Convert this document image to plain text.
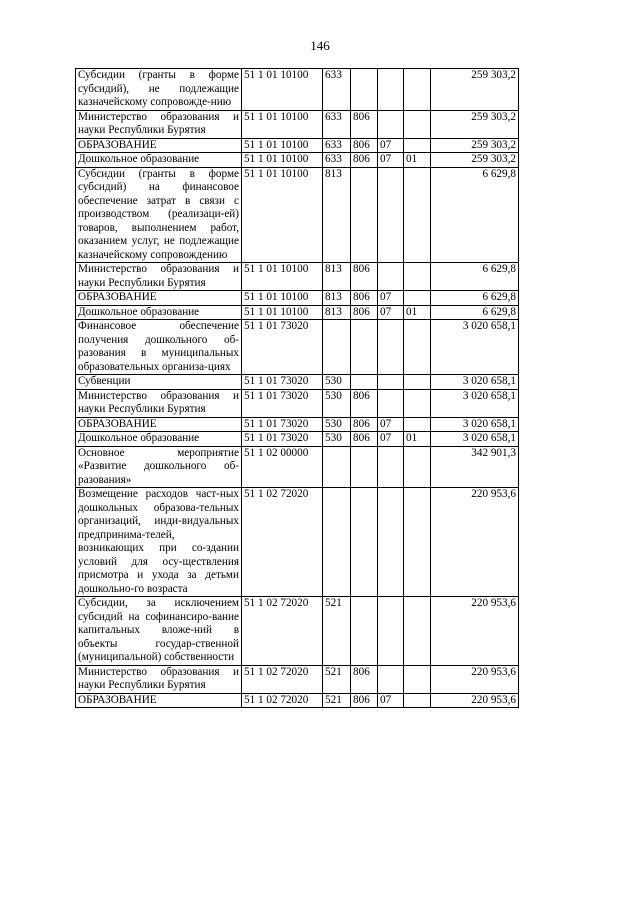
146
Субсидии (гранты в форме субсидий), не подлежащие казначейскому сопровожде-нию	51 1 01 10100	633				259 303,2
Министерство образования и науки Республики Бурятия	51 1 01 10100	633	806			259 303,2
ОБРАЗОВАНИЕ	51 1 01 10100	633	806	07		259 303,2
Дошкольное образование	51 1 01 10100	633	806	07	01	259 303,2
Субсидии (гранты в форме субсидий) на финансовое обеспечение затрат в связи с производством (реализаци-ей) товаров, выполнением работ, оказанием услуг, не подлежащие казначейскому сопровождению	51 1 01 10100	813				6 629,8
Министерство образования и науки Республики Бурятия	51 1 01 10100	813	806			6 629,8
ОБРАЗОВАНИЕ	51 1 01 10100	813	806	07		6 629,8
Дошкольное образование	51 1 01 10100	813	806	07	01	6 629,8
Финансовое обеспечение получения дошкольного об-разования в муниципальных образовательных организа-циях	51 1 01 73020					3 020 658,1
Субвенции	51 1 01 73020	530				3 020 658,1
Министерство образования и науки Республики Бурятия	51 1 01 73020	530	806			3 020 658,1
ОБРАЗОВАНИЕ	51 1 01 73020	530	806	07		3 020 658,1
Дошкольное образование	51 1 01 73020	530	806	07	01	3 020 658,1
Основное мероприятие «Развитие дошкольного об-разования»	51 1 02 00000					342 901,3
Возмещение расходов част-ных дошкольных образова-тельных организаций, инди-видуальных предпринима-телей, возникающих при со-здании условий для осу-ществления присмотра и ухода за детьми дошкольно-го возраста	51 1 02 72020					220 953,6
Субсидии, за исключением субсидий на софинансиро-вание капитальных вложе-ний в объекты государ-ственной (муниципальной) собственности	51 1 02 72020	521				220 953,6
Министерство образования и науки Республики Бурятия	51 1 02 72020	521	806			220 953,6
ОБРАЗОВАНИЕ	51 1 02 72020	521	806	07		220 953,6
